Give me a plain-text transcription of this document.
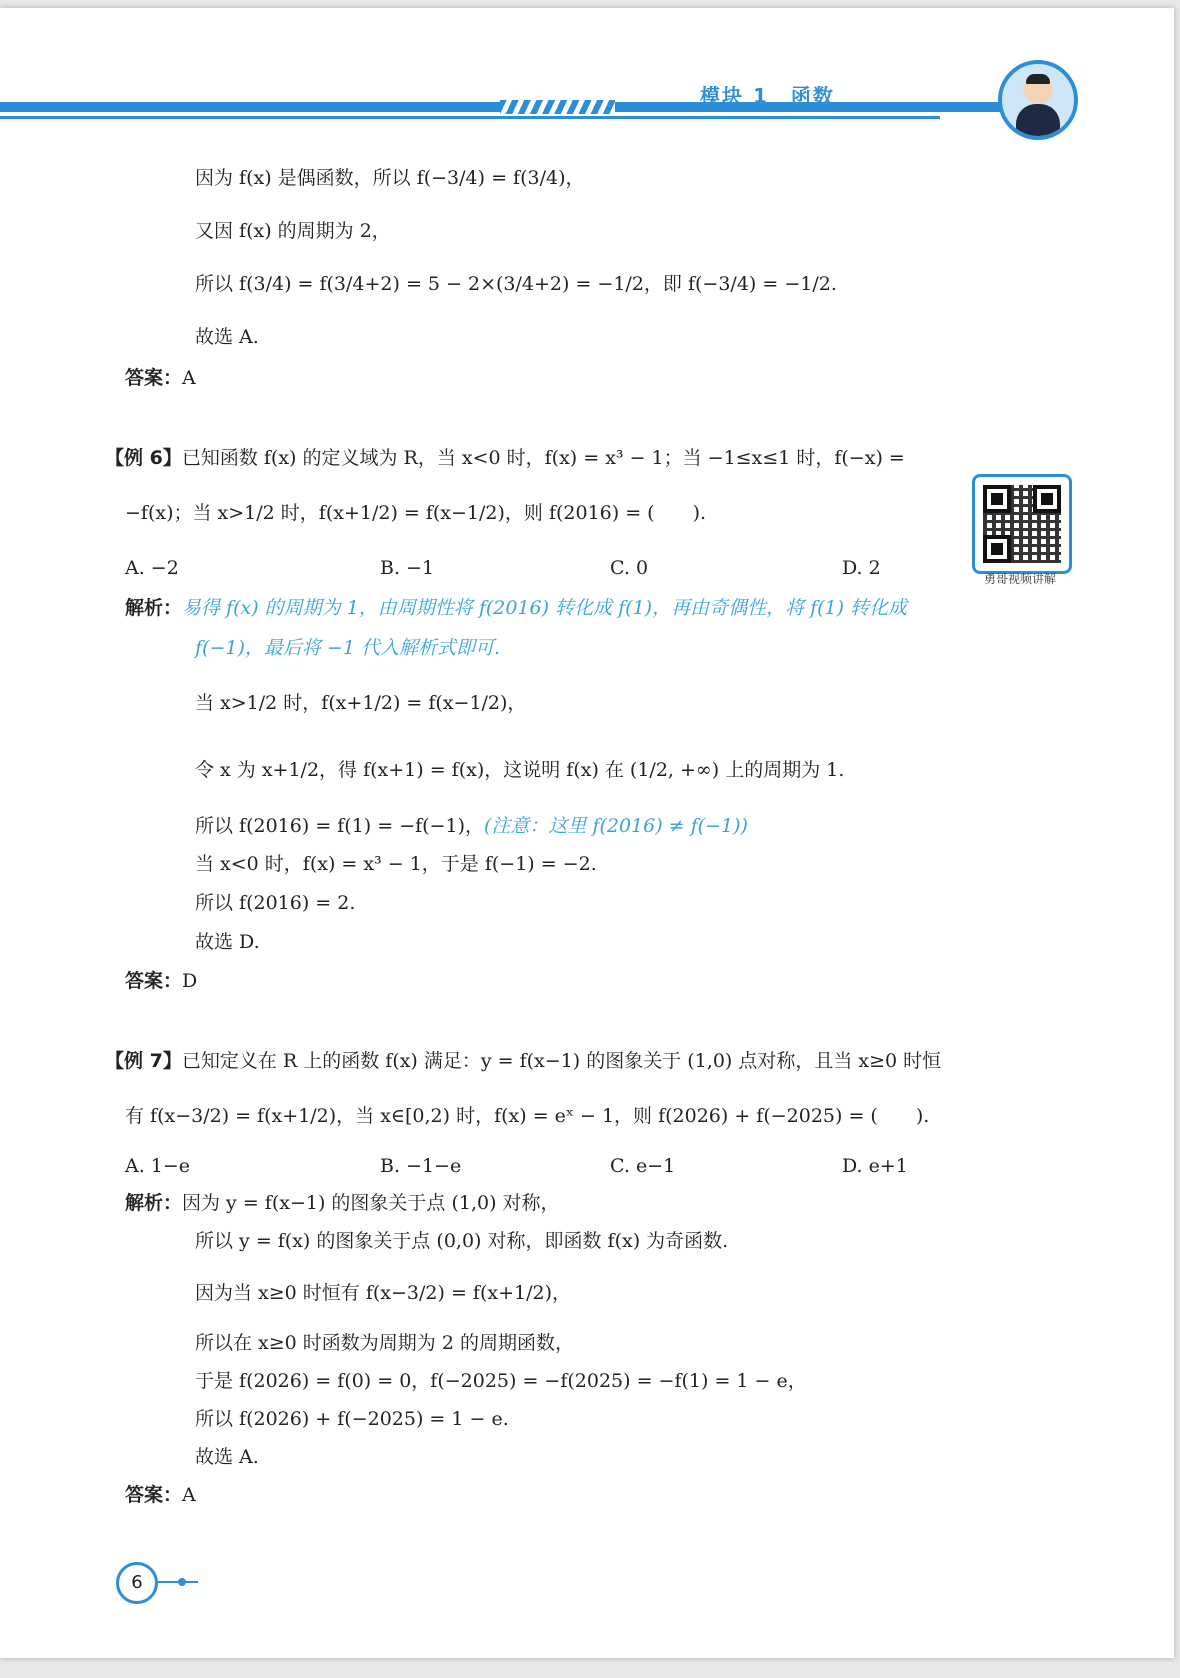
模块 1　函数
因为 f(x) 是偶函数，所以 f(−3/4) = f(3/4)，
又因 f(x) 的周期为 2，
所以 f(3/4) = f(3/4+2) = 5 − 2×(3/4+2) = −1/2，即 f(−3/4) = −1/2.
故选 A.
答案：A
【例 6】已知函数 f(x) 的定义域为 R，当 x<0 时，f(x) = x³ − 1；当 −1≤x≤1 时，f(−x) =
−f(x)；当 x>1/2 时，f(x+1/2) = f(x−1/2)，则 f(2016) = (　　).
勇哥视频讲解
A. −2	B. −1	C. 0	D. 2
解析：易得 f(x) 的周期为 1，由周期性将 f(2016) 转化成 f(1)，再由奇偶性，将 f(1) 转化成
f(−1)，最后将 −1 代入解析式即可.
当 x>1/2 时，f(x+1/2) = f(x−1/2)，
令 x 为 x+1/2，得 f(x+1) = f(x)，这说明 f(x) 在 (1/2, +∞) 上的周期为 1.
所以 f(2016) = f(1) = −f(−1)，(注意：这里 f(2016) ≠ f(−1))
当 x<0 时，f(x) = x³ − 1，于是 f(−1) = −2.
所以 f(2016) = 2.
故选 D.
答案：D
【例 7】已知定义在 R 上的函数 f(x) 满足：y = f(x−1) 的图象关于 (1,0) 点对称，且当 x≥0 时恒
有 f(x−3/2) = f(x+1/2)，当 x∈[0,2) 时，f(x) = eˣ − 1，则 f(2026) + f(−2025) = (　　).
A. 1−e	B. −1−e	C. e−1	D. e+1
解析：因为 y = f(x−1) 的图象关于点 (1,0) 对称，
所以 y = f(x) 的图象关于点 (0,0) 对称，即函数 f(x) 为奇函数.
因为当 x≥0 时恒有 f(x−3/2) = f(x+1/2)，
所以在 x≥0 时函数为周期为 2 的周期函数，
于是 f(2026) = f(0) = 0，f(−2025) = −f(2025) = −f(1) = 1 − e，
所以 f(2026) + f(−2025) = 1 − e.
故选 A.
答案：A
6
